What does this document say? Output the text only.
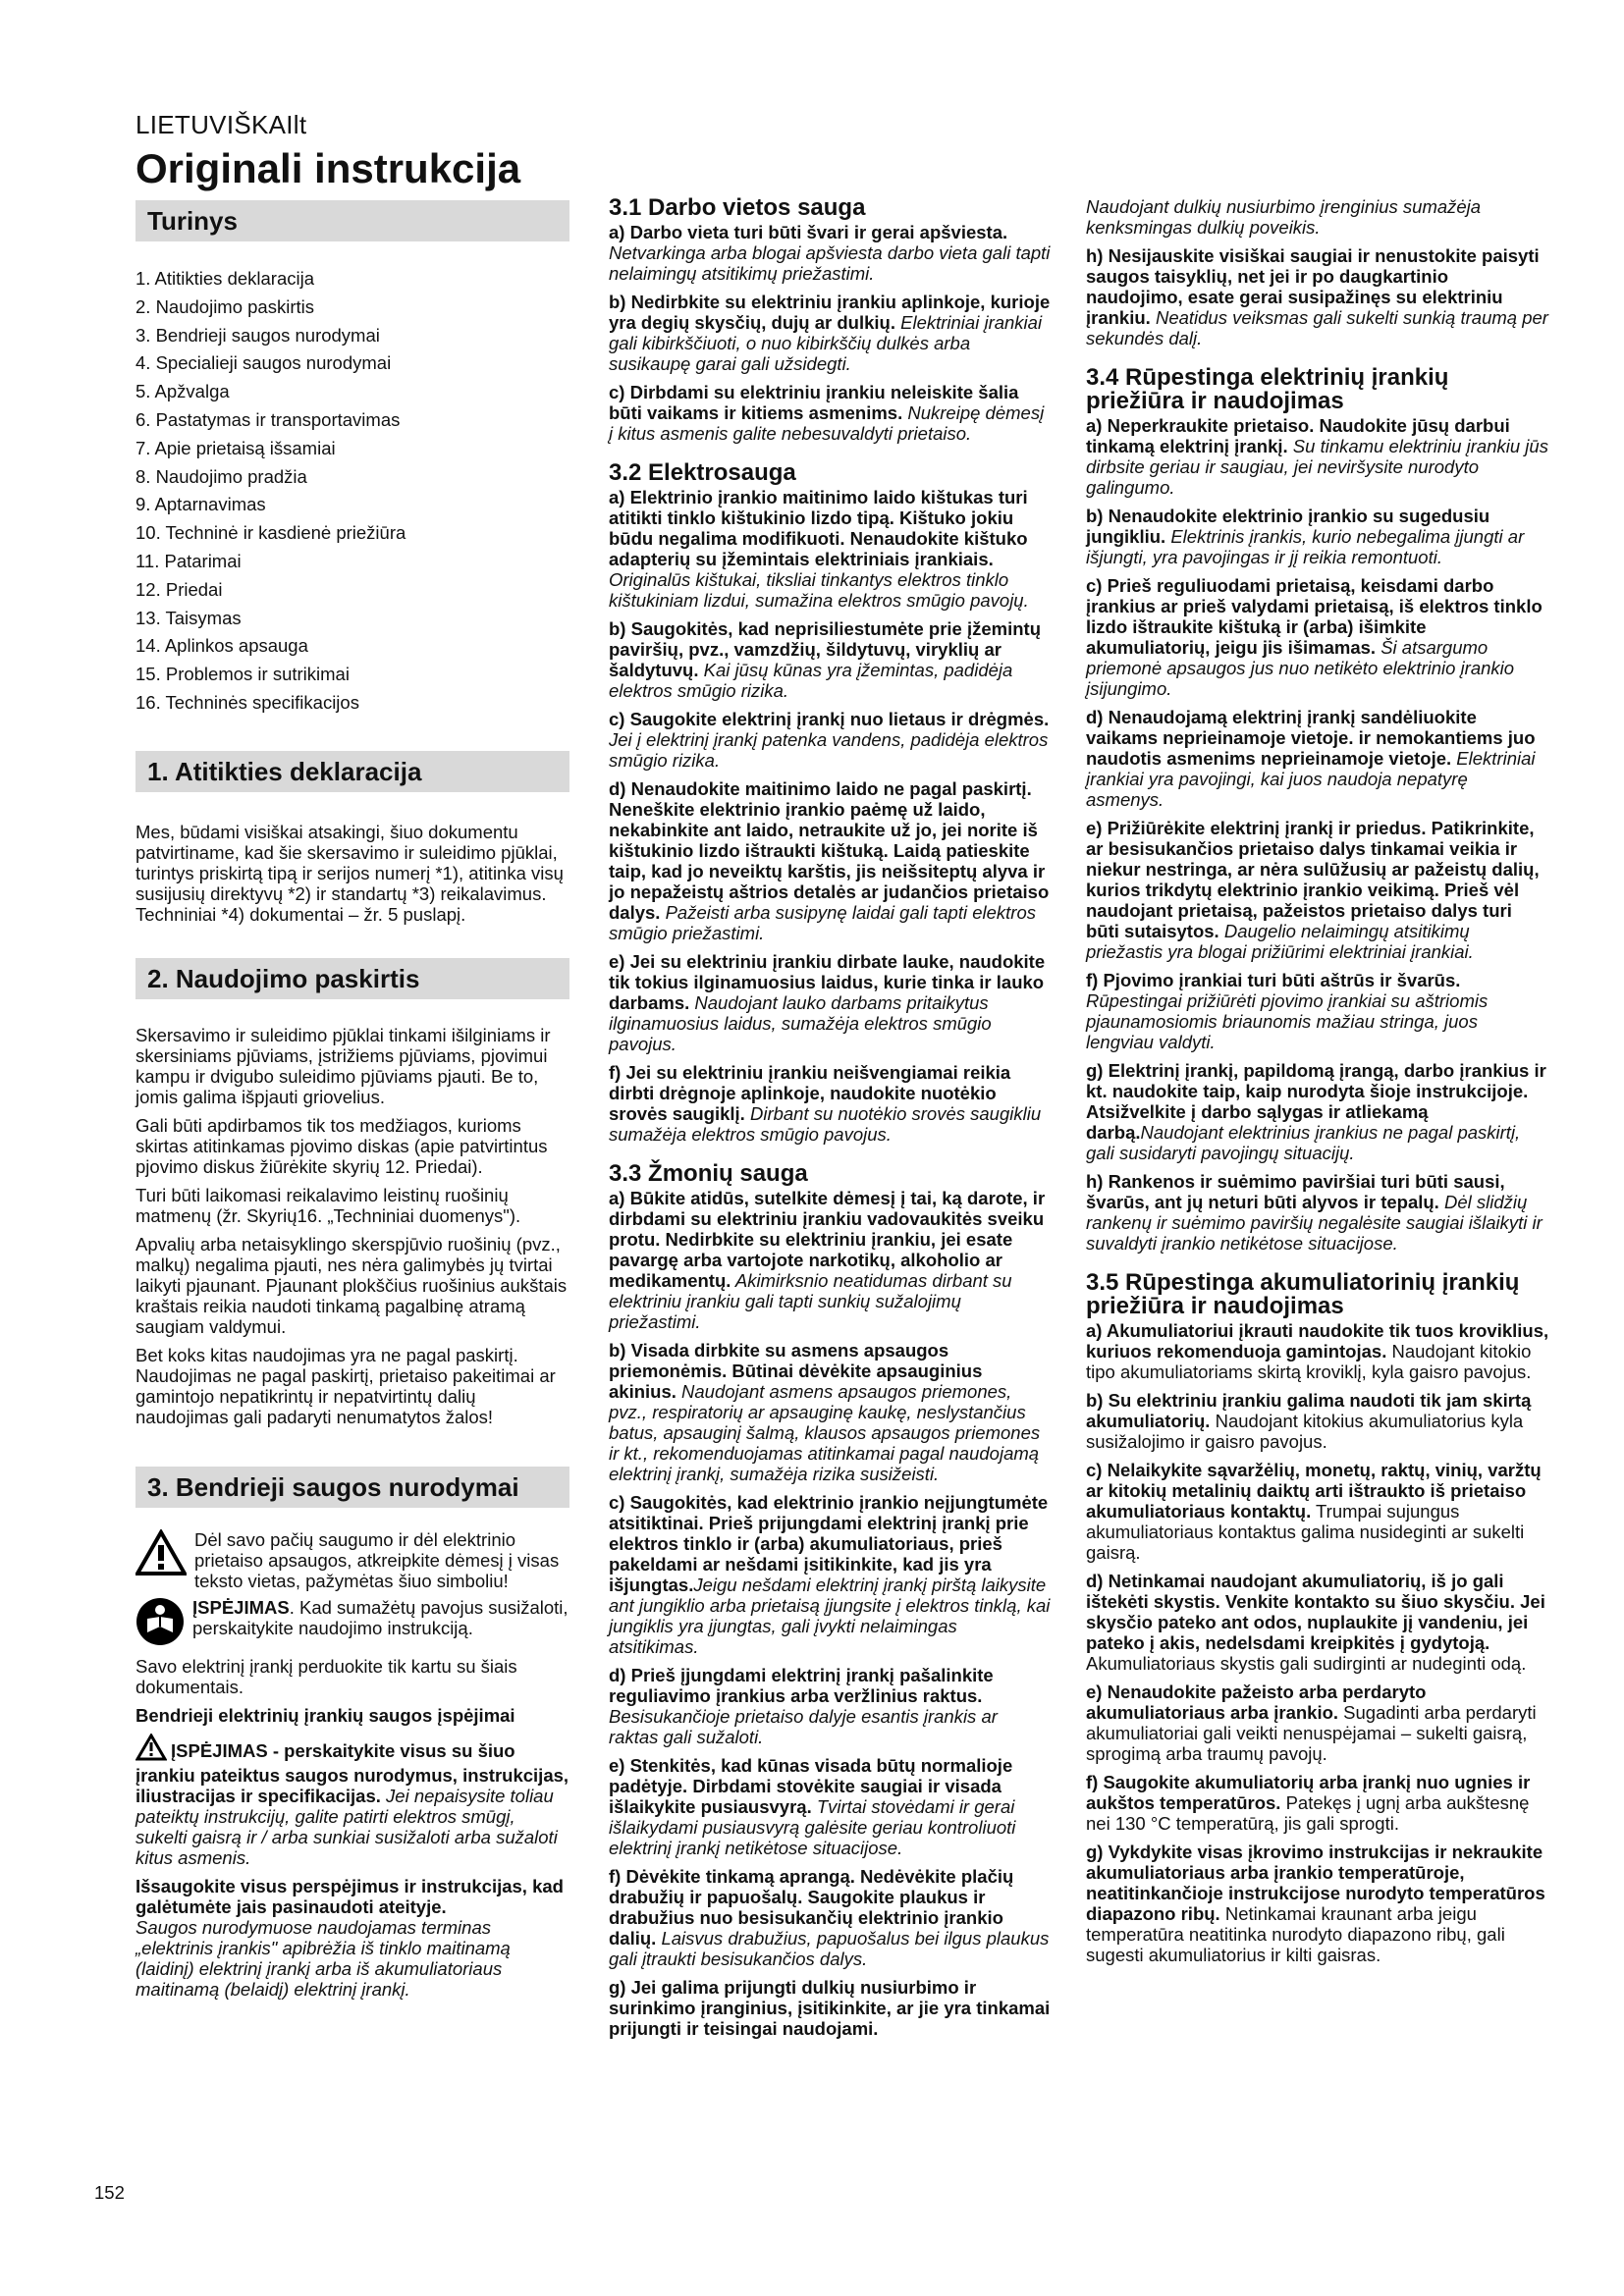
LIETUVIŠKAIlt
Originali instrukcija
Turinys
1. Atitikties deklaracija
2. Naudojimo paskirtis
3. Bendrieji saugos nurodymai
4. Specialieji saugos nurodymai
5. Apžvalga
6. Pastatymas ir transportavimas
7. Apie prietaisą išsamiai
8. Naudojimo pradžia
9. Aptarnavimas
10. Techninė ir kasdienė priežiūra
11. Patarimai
12. Priedai
13. Taisymas
14. Aplinkos apsauga
15. Problemos ir sutrikimai
16. Techninės specifikacijos
1. Atitikties deklaracija

Mes, būdami visiškai atsakingi, šiuo dokumentu patvirtiname, kad šie skersavimo ir suleidimo pjūklai, turintys priskirtą tipą ir serijos numerį *1), atitinka visų susijusių direktyvų *2) ir standartų *3) reikalavimus. Techniniai *4) dokumentai – žr. 5 puslapį.

2. Naudojimo paskirtis

Skersavimo ir suleidimo pjūklai tinkami išilginiams ir skersiniams pjūviams, įstrižiems pjūviams, pjovimui kampu ir dvigubo suleidimo pjūviams pjauti. Be to, jomis galima išpjauti griovelius.

Gali būti apdirbamos tik tos medžiagos, kurioms skirtas atitinkamas pjovimo diskas (apie patvirtintus pjovimo diskus žiūrėkite skyrių 12. Priedai).

Turi būti laikomasi reikalavimo leistinų ruošinių matmenų (žr. Skyrių16. „Techniniai duomenys").

Apvalių arba netaisyklingo skerspjūvio ruošinių (pvz., malkų) negalima pjauti, nes nėra galimybės jų tvirtai laikyti pjaunant. Pjaunant plokščius ruošinius aukštais kraštais reikia naudoti tinkamą pagalbinę atramą saugiam valdymui.

Bet koks kitas naudojimas yra ne pagal paskirtį. Naudojimas ne pagal paskirtį, prietaiso pakeitimai ar gamintojo nepatikrintų ir nepatvirtintų dalių naudojimas gali padaryti nenumatytos žalos!

3. Bendrieji saugos nurodymai
Dėl savo pačių saugumo ir dėl elektrinio prietaiso apsaugos, atkreipkite dėmesį į visas teksto vietas, pažymėtas šiuo simboliu!
ĮSPĖJIMAS. Kad sumažėtų pavojus susižaloti, perskaitykite naudojimo instrukciją.

Savo elektrinį įrankį perduokite tik kartu su šiais dokumentais.

Bendrieji elektrinių įrankių saugos įspėjimai

ĮSPĖJIMAS - perskaitykite visus su šiuo įrankiu pateiktus saugos nurodymus, instrukcijas, iliustracijas ir specifikacijas. Jei nepaisysite toliau pateiktų instrukcijų, galite patirti elektros smūgį, sukelti gaisrą ir / arba sunkiai susižaloti arba sužaloti kitus asmenis.

Išsaugokite visus perspėjimus ir instrukcijas, kad galėtumėte jais pasinaudoti ateityje.
Saugos nurodymuose naudojamas terminas „elektrinis įrankis" apibrėžia iš tinklo maitinamą (laidinį) elektrinį įrankį arba iš akumuliatoriaus maitinamą (belaidį) elektrinį įrankį.

152
3.1 Darbo vietos sauga

a) Darbo vieta turi būti švari ir gerai apšviesta. Netvarkinga arba blogai apšviesta darbo vieta gali tapti nelaimingų atsitikimų priežastimi.

b) Nedirbkite su elektriniu įrankiu aplinkoje, kurioje yra degių skysčių, dujų ar dulkių. Elektriniai įrankiai gali kibirkščiuoti, o nuo kibirkščių dulkės arba susikaupę garai gali užsidegti.

c) Dirbdami su elektriniu įrankiu neleiskite šalia būti vaikams ir kitiems asmenims. Nukreipę dėmesį į kitus asmenis galite nebesuvaldyti prietaiso.

3.2 Elektrosauga

a) Elektrinio įrankio maitinimo laido kištukas turi atitikti tinklo kištukinio lizdo tipą. Kištuko jokiu būdu negalima modifikuoti. Nenaudokite kištuko adapterių su įžemintais elektriniais įrankiais. Originalūs kištukai, tiksliai tinkantys elektros tinklo kištukiniam lizdui, sumažina elektros smūgio pavojų.

b) Saugokitės, kad neprisiliestumėte prie įžemintų paviršių, pvz., vamzdžių, šildytuvų, viryklių ar šaldytuvų. Kai jūsų kūnas yra įžemintas, padidėja elektros smūgio rizika.

c) Saugokite elektrinį įrankį nuo lietaus ir drėgmės. Jei į elektrinį įrankį patenka vandens, padidėja elektros smūgio rizika.

d) Nenaudokite maitinimo laido ne pagal paskirtį. Neneškite elektrinio įrankio paėmę už laido, nekabinkite ant laido, netraukite už jo, jei norite iš kištukinio lizdo ištraukti kištuką. Laidą patieskite taip, kad jo neveiktų karštis, jis neišsiteptų alyva ir jo nepažeistų aštrios detalės ar judančios prietaiso dalys. Pažeisti arba susipynę laidai gali tapti elektros smūgio priežastimi.

e) Jei su elektriniu įrankiu dirbate lauke, naudokite tik tokius ilginamuosius laidus, kurie tinka ir lauko darbams. Naudojant lauko darbams pritaikytus ilginamuosius laidus, sumažėja elektros smūgio pavojus.

f) Jei su elektriniu įrankiu neišvengiamai reikia dirbti drėgnoje aplinkoje, naudokite nuotėkio srovės saugiklį. Dirbant su nuotėkio srovės saugikliu sumažėja elektros smūgio pavojus.

3.3 Žmonių sauga

a) Būkite atidūs, sutelkite dėmesį į tai, ką darote, ir dirbdami su elektriniu įrankiu vadovaukitės sveiku protu. Nedirbkite su elektriniu įrankiu, jei esate pavargę arba vartojote narkotikų, alkoholio ar medikamentų. Akimirksnio neatidumas dirbant su elektriniu įrankiu gali tapti sunkių sužalojimų priežastimi.

b) Visada dirbkite su asmens apsaugos priemonėmis. Būtinai dėvėkite apsauginius akinius. Naudojant asmens apsaugos priemones, pvz., respiratorių ar apsauginę kaukę, neslystančius batus, apsauginį šalmą, klausos apsaugos priemones ir kt., rekomenduojamas atitinkamai pagal naudojamą elektrinį įrankį, sumažėja rizika susižeisti.

c) Saugokitės, kad elektrinio įrankio neįjungtumėte atsitiktinai. Prieš prijungdami elektrinį įrankį prie elektros tinklo ir (arba) akumuliatoriaus, prieš pakeldami ar nešdami įsitikinkite, kad jis yra išjungtas.Jeigu nešdami elektrinį įrankį pirštą laikysite ant jungiklio arba prietaisą įjungsite į elektros tinklą, kai jungiklis yra įjungtas, gali įvykti nelaimingas atsitikimas.

d) Prieš įjungdami elektrinį įrankį pašalinkite reguliavimo įrankius arba veržlinius raktus. Besisukančioje prietaiso dalyje esantis įrankis ar raktas gali sužaloti.

e) Stenkitės, kad kūnas visada būtų normalioje padėtyje. Dirbdami stovėkite saugiai ir visada išlaikykite pusiausvyrą. Tvirtai stovėdami ir gerai išlaikydami pusiausvyrą galėsite geriau kontroliuoti elektrinį įrankį netikėtose situacijose.

f) Dėvėkite tinkamą aprangą. Nedėvėkite plačių drabužių ir papuošalų. Saugokite plaukus ir drabužius nuo besisukančių elektrinio įrankio dalių. Laisvus drabužius, papuošalus bei ilgus plaukus gali įtraukti besisukančios dalys.

g) Jei galima prijungti dulkių nusiurbimo ir surinkimo įranginius, įsitikinkite, ar jie yra tinkamai prijungti ir teisingai naudojami.

Naudojant dulkių nusiurbimo įrenginius sumažėja kenksmingas dulkių poveikis.

h) Nesijauskite visiškai saugiai ir nenustokite paisyti saugos taisyklių, net jei ir po daugkartinio naudojimo, esate gerai susipažinęs su elektriniu įrankiu. Neatidus veiksmas gali sukelti sunkią traumą per sekundės dalį.

3.4 Rūpestinga elektrinių įrankių priežiūra ir naudojimas

a) Neperkraukite prietaiso. Naudokite jūsų darbui tinkamą elektrinį įrankį. Su tinkamu elektriniu įrankiu jūs dirbsite geriau ir saugiau, jei neviršysite nurodyto galingumo.

b) Nenaudokite elektrinio įrankio su sugedusiu jungikliu. Elektrinis įrankis, kurio nebegalima įjungti ar išjungti, yra pavojingas ir jį reikia remontuoti.

c) Prieš reguliuodami prietaisą, keisdami darbo įrankius ar prieš valydami prietaisą, iš elektros tinklo lizdo ištraukite kištuką ir (arba) išimkite akumuliatorių, jeigu jis išimamas. Ši atsargumo priemonė apsaugos jus nuo netikėto elektrinio įrankio įsijungimo.

d) Nenaudojamą elektrinį įrankį sandėliuokite vaikams neprieinamoje vietoje. ir nemokantiems juo naudotis asmenims neprieinamoje vietoje. Elektriniai įrankiai yra pavojingi, kai juos naudoja nepatyrę asmenys.

e) Prižiūrėkite elektrinį įrankį ir priedus. Patikrinkite, ar besisukančios prietaiso dalys tinkamai veikia ir niekur nestringa, ar nėra sulūžusių ar pažeistų dalių, kurios trikdytų elektrinio įrankio veikimą. Prieš vėl naudojant prietaisą, pažeistos prietaiso dalys turi būti sutaisytos. Daugelio nelaimingų atsitikimų priežastis yra blogai prižiūrimi elektriniai įrankiai.

f) Pjovimo įrankiai turi būti aštrūs ir švarūs. Rūpestingai prižiūrėti pjovimo įrankiai su aštriomis pjaunamosiomis briaunomis mažiau stringa, juos lengviau valdyti.

g) Elektrinį įrankį, papildomą įrangą, darbo įrankius ir kt. naudokite taip, kaip nurodyta šioje instrukcijoje. Atsižvelkite į darbo sąlygas ir atliekamą darbą.Naudojant elektrinius įrankius ne pagal paskirtį, gali susidaryti pavojingų situacijų.

h) Rankenos ir suėmimo paviršiai turi būti sausi, švarūs, ant jų neturi būti alyvos ir tepalų. Dėl slidžių rankenų ir suėmimo paviršių negalėsite saugiai išlaikyti ir suvaldyti įrankio netikėtose situacijose.

3.5 Rūpestinga akumuliatorinių įrankių priežiūra ir naudojimas

a) Akumuliatoriui įkrauti naudokite tik tuos kroviklius, kuriuos rekomenduoja gamintojas. Naudojant kitokio tipo akumuliatoriams skirtą kroviklį, kyla gaisro pavojus.

b) Su elektriniu įrankiu galima naudoti tik jam skirtą akumuliatorių. Naudojant kitokius akumuliatorius kyla susižalojimo ir gaisro pavojus.

c) Nelaikykite sąvaržėlių, monetų, raktų, vinių, varžtų ar kitokių metalinių daiktų arti ištraukto iš prietaiso akumuliatoriaus kontaktų. Trumpai sujungus akumuliatoriaus kontaktus galima nusideginti ar sukelti gaisrą.

d) Netinkamai naudojant akumuliatorių, iš jo gali ištekėti skystis. Venkite kontakto su šiuo skysčiu. Jei skysčio pateko ant odos, nuplaukite jį vandeniu, jei pateko į akis, nedelsdami kreipkitės į gydytoją. Akumuliatoriaus skystis gali sudirginti ar nudeginti odą.

e) Nenaudokite pažeisto arba perdaryto akumuliatoriaus arba įrankio. Sugadinti arba perdaryti akumuliatoriai gali veikti nenuspėjamai – sukelti gaisrą, sprogimą arba traumų pavojų.

f) Saugokite akumuliatorių arba įrankį nuo ugnies ir aukštos temperatūros. Patekęs į ugnį arba aukštesnę nei 130 °C temperatūrą, jis gali sprogti.

g) Vykdykite visas įkrovimo instrukcijas ir nekraukite akumuliatoriaus arba įrankio temperatūroje, neatitinkančioje instrukcijose nurodyto temperatūros diapazono ribų. Netinkamai kraunant arba jeigu temperatūra neatitinka nurodyto diapazono ribų, gali sugesti akumuliatorius ir kilti gaisras.
